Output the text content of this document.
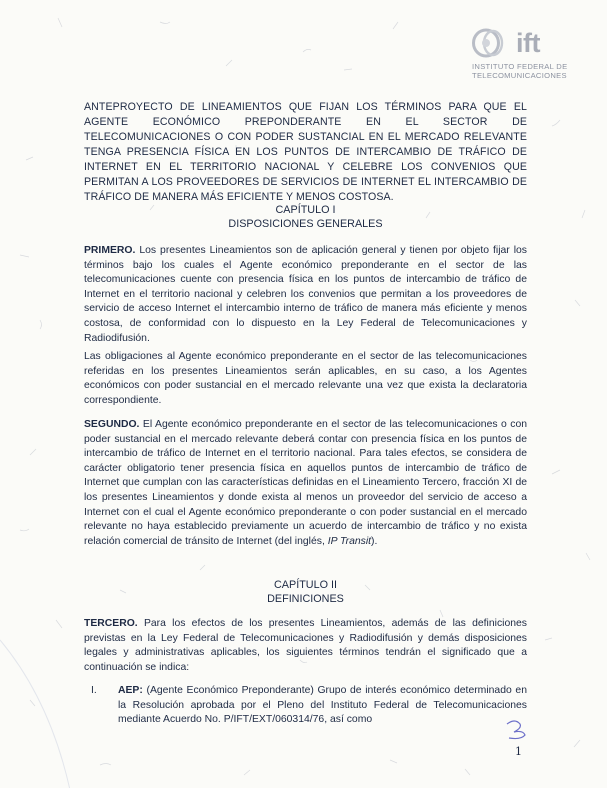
ift
INSTITUTO FEDERAL DE
TELECOMUNICACIONES
ANTEPROYECTO DE LINEAMIENTOS QUE FIJAN LOS TÉRMINOS PARA QUE EL AGENTE ECONÓMICO PREPONDERANTE EN EL SECTOR DE TELECOMUNICACIONES O CON PODER SUSTANCIAL EN EL MERCADO RELEVANTE TENGA PRESENCIA FÍSICA EN LOS PUNTOS DE INTERCAMBIO DE TRÁFICO DE INTERNET EN EL TERRITORIO NACIONAL Y CELEBRE LOS CONVENIOS QUE PERMITAN A LOS PROVEEDORES DE SERVICIOS DE INTERNET EL INTERCAMBIO DE TRÁFICO DE MANERA MÁS EFICIENTE Y MENOS COSTOSA.
CAPÍTULO I
DISPOSICIONES GENERALES
PRIMERO. Los presentes Lineamientos son de aplicación general y tienen por objeto fijar los términos bajo los cuales el Agente económico preponderante en el sector de las telecomunicaciones cuente con presencia física en los puntos de intercambio de tráfico de Internet en el territorio nacional y celebren los convenios que permitan a los proveedores de servicio de acceso Internet el intercambio interno de tráfico de manera más eficiente y menos costosa, de conformidad con lo dispuesto en la Ley Federal de Telecomunicaciones y Radiodifusión.
Las obligaciones al Agente económico preponderante en el sector de las telecomunicaciones referidas en los presentes Lineamientos serán aplicables, en su caso, a los Agentes económicos con poder sustancial en el mercado relevante una vez que exista la declaratoria correspondiente.
SEGUNDO. El Agente económico preponderante en el sector de las telecomunicaciones o con poder sustancial en el mercado relevante deberá contar con presencia física en los puntos de intercambio de tráfico de Internet en el territorio nacional. Para tales efectos, se considera de carácter obligatorio tener presencia física en aquellos puntos de intercambio de tráfico de Internet que cumplan con las características definidas en el Lineamiento Tercero, fracción XI de los presentes Lineamientos y donde exista al menos un proveedor del servicio de acceso a Internet con el cual el Agente económico preponderante o con poder sustancial en el mercado relevante no haya establecido previamente un acuerdo de intercambio de tráfico y no exista relación comercial de tránsito de Internet (del inglés, IP Transit).
CAPÍTULO II
DEFINICIONES
TERCERO. Para los efectos de los presentes Lineamientos, además de las definiciones previstas en la Ley Federal de Telecomunicaciones y Radiodifusión y demás disposiciones legales y administrativas aplicables, los siguientes términos tendrán el significado que a continuación se indica:
I.	AEP: (Agente Económico Preponderante) Grupo de interés económico determinado en la Resolución aprobada por el Pleno del Instituto Federal de Telecomunicaciones mediante Acuerdo No. P/IFT/EXT/060314/76, así como
1
